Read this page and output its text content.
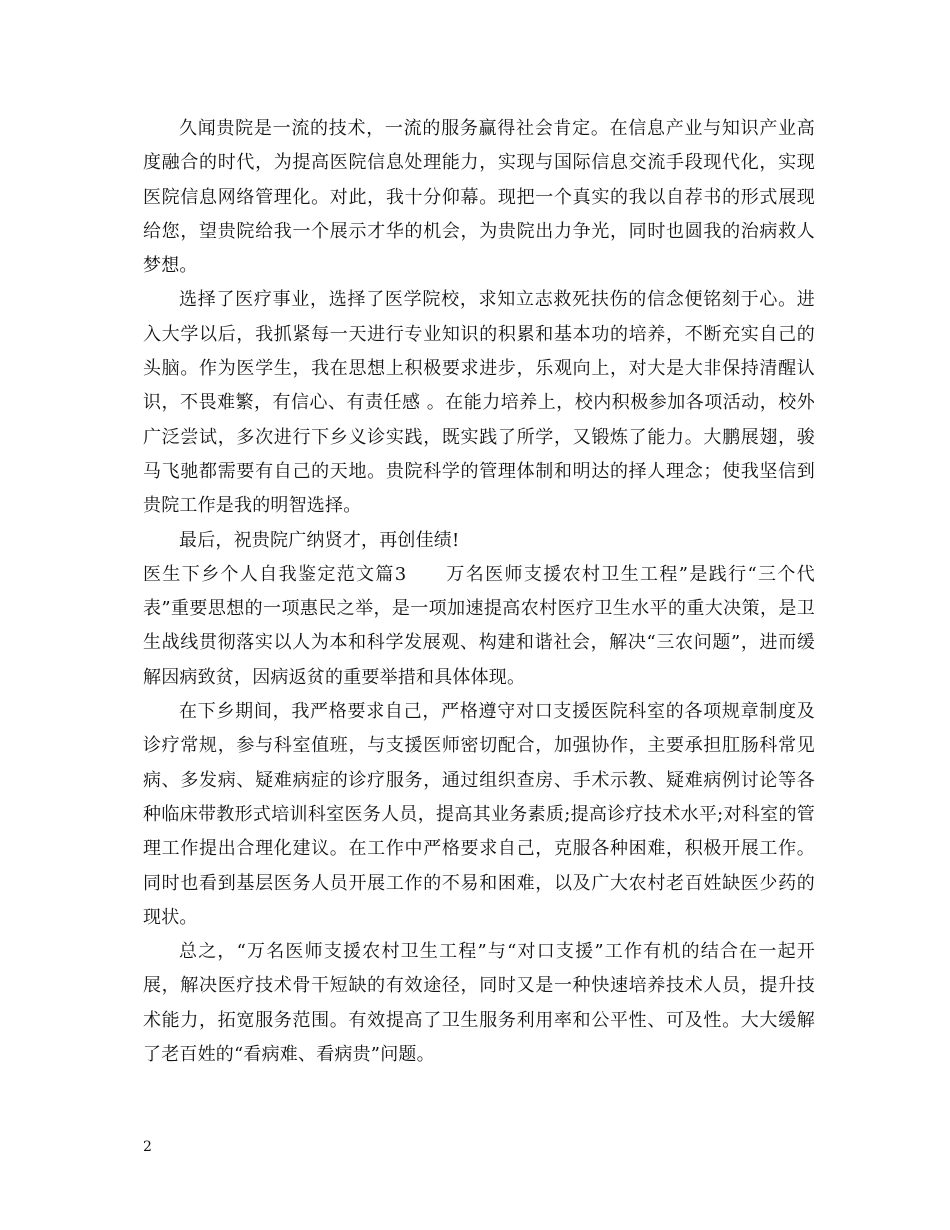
久闻贵院是一流的技术，一流的服务赢得社会肯定。在信息产业与知识产业高度融合的时代，为提高医院信息处理能力，实现与国际信息交流手段现代化，实现医院信息网络管理化。对此，我十分仰幕。现把一个真实的我以自荐书的形式展现给您，望贵院给我一个展示才华的机会，为贵院出力争光，同时也圆我的治病救人梦想。

选择了医疗事业，选择了医学院校，求知立志救死扶伤的信念便铭刻于心。进入大学以后，我抓紧每一天进行专业知识的积累和基本功的培养，不断充实自己的头脑。作为医学生，我在思想上积极要求进步，乐观向上，对大是大非保持清醒认识，不畏难繁，有信心、有责任感 。在能力培养上，校内积极参加各项活动，校外广泛尝试，多次进行下乡义诊实践，既实践了所学，又锻炼了能力。大鹏展翅，骏马飞驰都需要有自己的天地。贵院科学的管理体制和明达的择人理念；使我坚信到贵院工作是我的明智选择。

最后，祝贵院广纳贤才，再创佳绩!

医生下乡个人自我鉴定范文篇3　　万名医师支援农村卫生工程”是践行“三个代表”重要思想的一项惠民之举，是一项加速提高农村医疗卫生水平的重大决策，是卫生战线贯彻落实以人为本和科学发展观、构建和谐社会，解决“三农问题”，进而缓解因病致贫，因病返贫的重要举措和具体体现。

在下乡期间，我严格要求自己，严格遵守对口支援医院科室的各项规章制度及诊疗常规，参与科室值班，与支援医师密切配合，加强协作，主要承担肛肠科常见病、多发病、疑难病症的诊疗服务，通过组织查房、手术示教、疑难病例讨论等各种临床带教形式培训科室医务人员，提高其业务素质;提高诊疗技术水平;对科室的管理工作提出合理化建议。在工作中严格要求自己，克服各种困难，积极开展工作。同时也看到基层医务人员开展工作的不易和困难，以及广大农村老百姓缺医少药的现状。

总之，“万名医师支援农村卫生工程”与“对口支援”工作有机的结合在一起开展，解决医疗技术骨干短缺的有效途径，同时又是一种快速培养技术人员，提升技术能力，拓宽服务范围。有效提高了卫生服务利用率和公平性、可及性。大大缓解了老百姓的“看病难、看病贵”问题。

2
